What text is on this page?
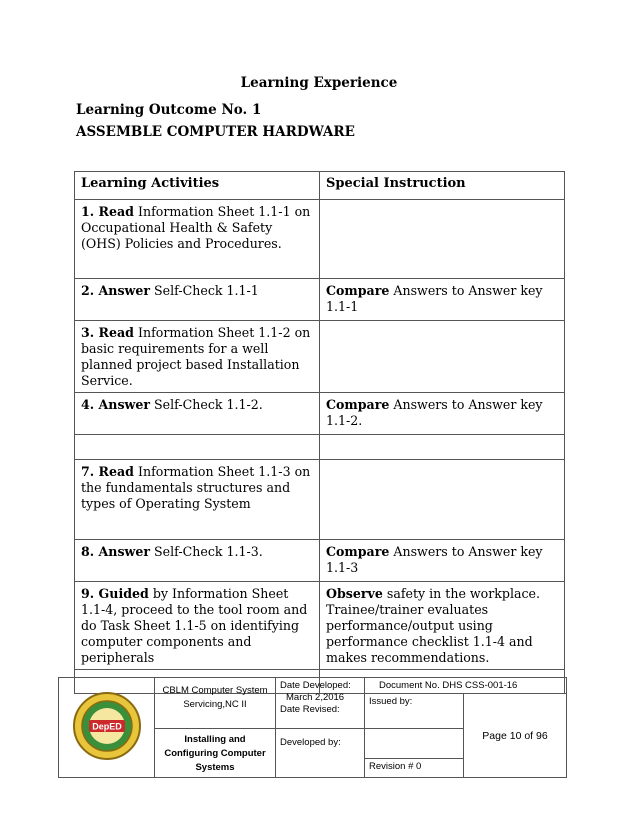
Learning Experience
Learning Outcome No. 1
ASSEMBLE COMPUTER HARDWARE
Learning Activities	Special Instruction
1. Read Information Sheet 1.1-1 on Occupational Health & Safety (OHS) Policies and Procedures.	
2. Answer Self-Check 1.1-1	Compare Answers to Answer key 1.1-1
3. Read Information Sheet 1.1-2 on basic requirements for a well planned project based Installation Service.	
4. Answer Self-Check 1.1-2.	Compare Answers to Answer key 1.1-2.

7. Read Information Sheet 1.1-3 on the fundamentals structures and types of Operating System	
8. Answer Self-Check 1.1-3.	Compare Answers to Answer key 1.1-3
9. Guided by Information Sheet 1.1-4, proceed to the tool room and do Task Sheet 1.1-5 on identifying computer components and peripherals	Observe safety in the workplace. Trainee/trainer evaluates performance/output using performance checklist 1.1-4 and makes recommendations.

DepED	CBLM Computer System Servicing,NC II	Date Developed:
March 2,2016
Date Revised:	Document No. DHS CSS-001-16	
			Issued by:	Page 10 of 96
	Installing and Configuring Computer Systems	Developed by:		
			Revision # 0	
